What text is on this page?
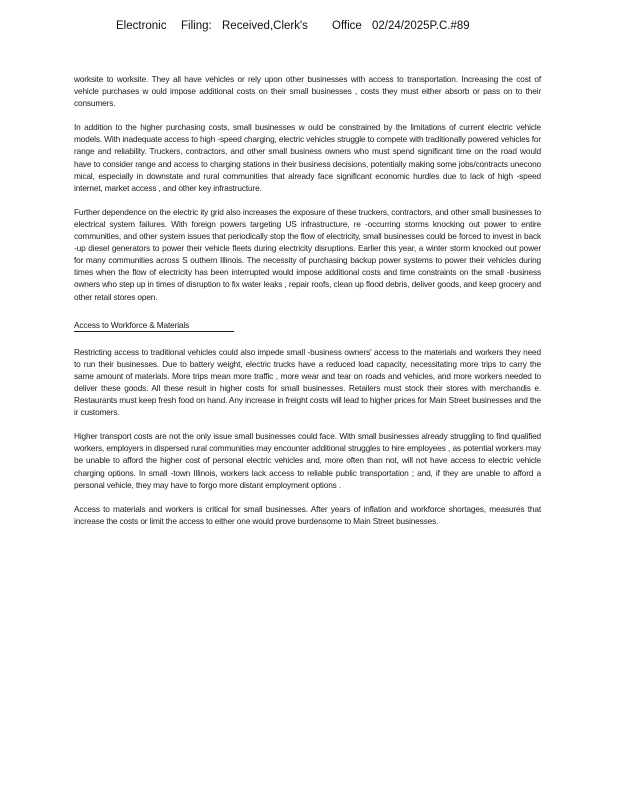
Electronic Filing: Received,Clerk's Office 02/24/2025P.C.#89

worksite to worksite. They all have vehicles or rely upon other businesses with access to transportation. Increasing the cost of vehicle purchases w ould impose additional costs on their small businesses , costs they must either absorb or pass on to their consumers.

In addition to the higher purchasing costs, small businesses w ould be constrained by the limitations of current electric vehicle models. With inadequate access to high -speed charging, electric vehicles struggle to compete with traditionally powered vehicles for range and reliability. Truckers, contractors, and other small business owners who must spend significant time on the road would have to consider range and access to charging stations in their business decisions, potentially making some jobs/contracts unecono mical, especially in downstate and rural communities that already face significant economic hurdles due to lack of high -speed internet, market access , and other key infrastructure.

Further dependence on the electric ity grid also increases the exposure of these truckers, contractors, and other small businesses to electrical system failures. With foreign powers targeting US infrastructure, re -occurring storms knocking out power to entire communities, and other system issues that periodically stop the flow of electricity, small businesses could be forced to invest in back -up diesel generators to power their vehicle fleets during electricity disruptions. Earlier this year, a winter storm knocked out power for many communities across S outhern Illinois. The necessity of purchasing backup power systems to power their vehicles during times when the flow of electricity has been interrupted would impose additional costs and time constraints on the small -business owners who step up in times of disruption to fix water leaks , repair roofs, clean up flood debris, deliver goods, and keep grocery and other retail stores open.

Access to Workforce & Materials

Restricting access to traditional vehicles could also impede small -business owners' access to the materials and workers they need to run their businesses. Due to battery weight, electric trucks have a reduced load capacity, necessitating more trips to carry the same amount of materials. More trips mean more traffic , more wear and tear on roads and vehicles, and more workers needed to deliver these goods. All these result in higher costs for small businesses. Retailers must stock their stores with merchandis e. Restaurants must keep fresh food on hand. Any increase in freight costs will lead to higher prices for Main Street businesses and the ir customers.

Higher transport costs are not the only issue small businesses could face. With small businesses already struggling to find qualified workers, employers in dispersed rural communities may encounter additional struggles to hire employees , as potential workers may be unable to afford the higher cost of personal electric vehicles and, more often than not, will not have access to electric vehicle charging options. In small -town Illinois, workers lack access to reliable public transportation ; and, if they are unable to afford a personal vehicle, they may have to forgo more distant employment options .

Access to materials and workers is critical for small businesses. After years of inflation and workforce shortages, measures that increase the costs or limit the access to either one would prove burdensome to Main Street businesses.
